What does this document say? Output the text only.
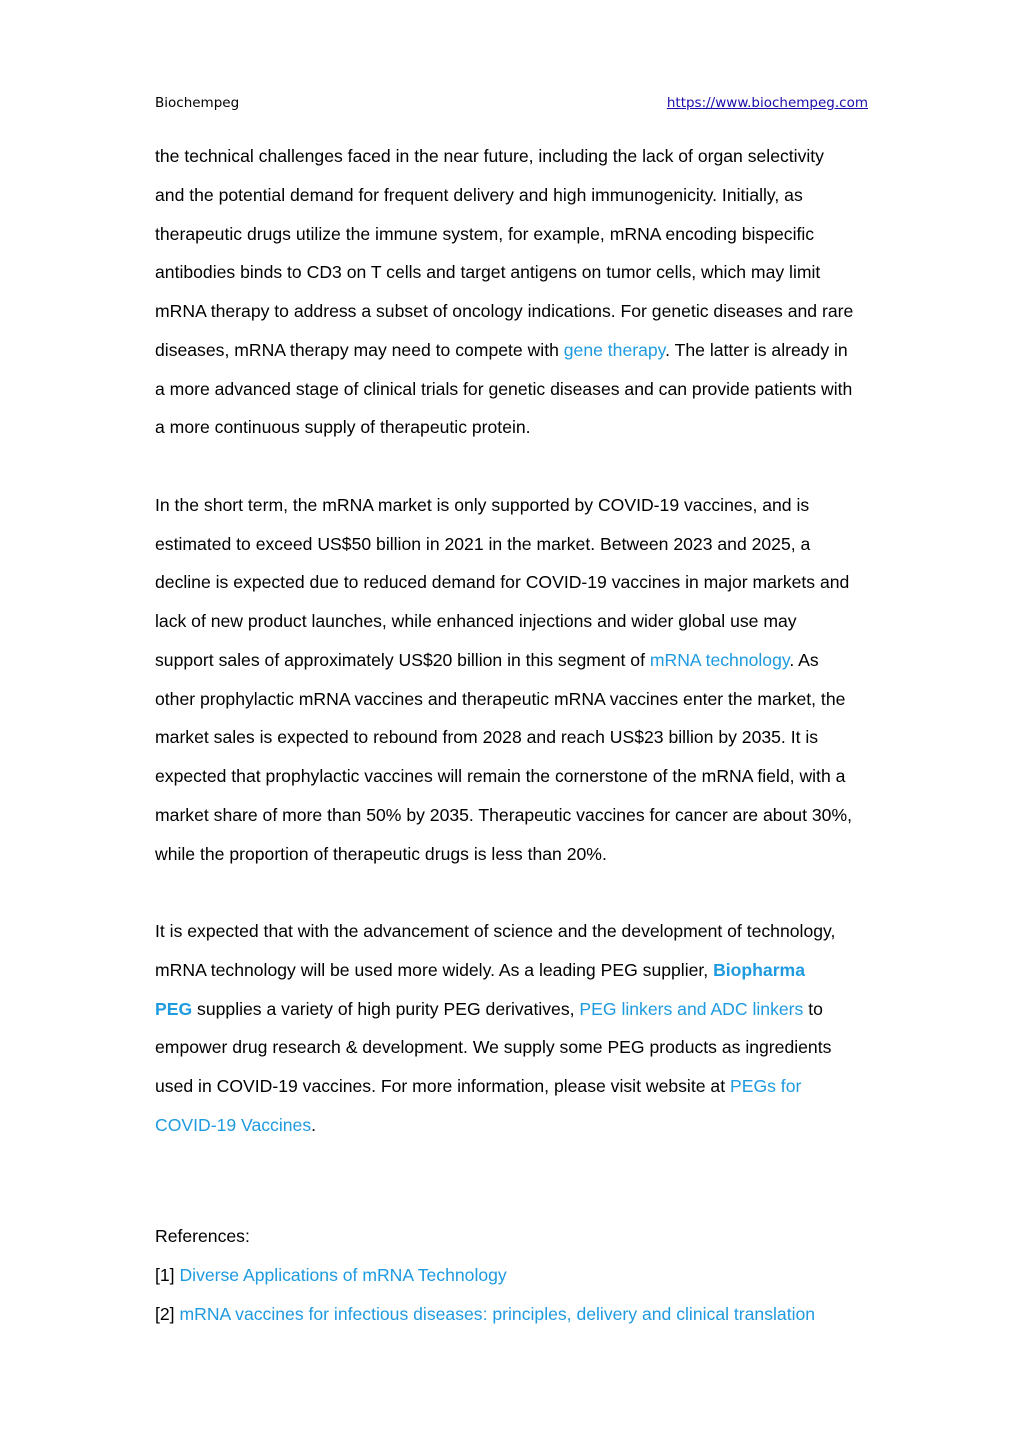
Biochempeg	https://www.biochempeg.com
the technical challenges faced in the near future, including the lack of organ selectivity
and the potential demand for frequent delivery and high immunogenicity. Initially, as
therapeutic drugs utilize the immune system, for example, mRNA encoding bispecific
antibodies binds to CD3 on T cells and target antigens on tumor cells, which may limit
mRNA therapy to address a subset of oncology indications. For genetic diseases and rare
diseases, mRNA therapy may need to compete with gene therapy. The latter is already in
a more advanced stage of clinical trials for genetic diseases and can provide patients with
a more continuous supply of therapeutic protein.
In the short term, the mRNA market is only supported by COVID-19 vaccines, and is
estimated to exceed US$50 billion in 2021 in the market. Between 2023 and 2025, a
decline is expected due to reduced demand for COVID-19 vaccines in major markets and
lack of new product launches, while enhanced injections and wider global use may
support sales of approximately US$20 billion in this segment of mRNA technology. As
other prophylactic mRNA vaccines and therapeutic mRNA vaccines enter the market, the
market sales is expected to rebound from 2028 and reach US$23 billion by 2035. It is
expected that prophylactic vaccines will remain the cornerstone of the mRNA field, with a
market share of more than 50% by 2035. Therapeutic vaccines for cancer are about 30%,
while the proportion of therapeutic drugs is less than 20%.
It is expected that with the advancement of science and the development of technology,
mRNA technology will be used more widely. As a leading PEG supplier, Biopharma
PEG supplies a variety of high purity PEG derivatives, PEG linkers and ADC linkers to
empower drug research & development. We supply some PEG products as ingredients
used in COVID-19 vaccines. For more information, please visit website at PEGs for
COVID-19 Vaccines.
References:
[1] Diverse Applications of mRNA Technology
[2] mRNA vaccines for infectious diseases: principles, delivery and clinical translation
